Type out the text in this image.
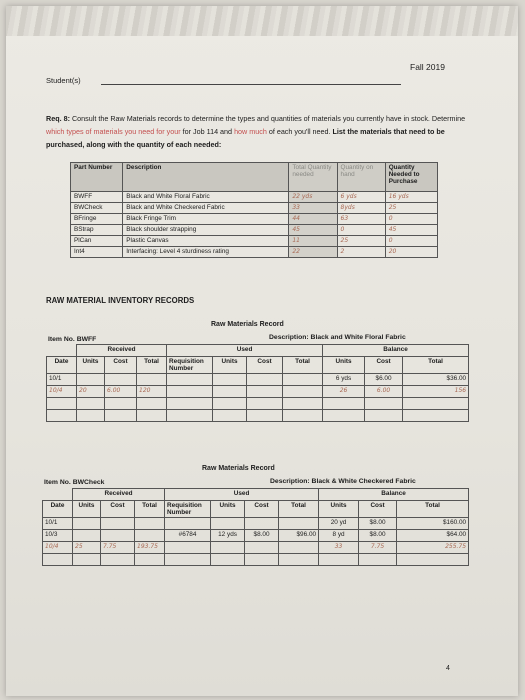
Fall 2019
Student(s)
Req. 8: Consult the Raw Materials records to determine the types and quantities of materials you currently have in stock. Determine which types of materials you need for your for Job 114 and how much of each you'll need. List the materials that need to be purchased, along with the quantity of each needed:
Part Number	Description	Total Quantity needed	Quantity on hand	Quantity Needed to Purchase
BWFF	Black and White Floral Fabric	22 yds	6 yds	16 yds
BWCheck	Black and White Checkered Fabric	33	8yds	25
BFringe	Black Fringe Trim	44	63	0
BStrap	Black shoulder strapping	45	0	45
PlCan	Plastic Canvas	11	25	0
Int4	Interfacing: Level 4 sturdiness rating	22	2	20
RAW MATERIAL INVENTORY RECORDS
Raw Materials Record
Item No. BWFF	Description: Black and White Floral Fabric
	Received			Used				Balance		
Date	Units	Cost	Total	Requisition Number	Units	Cost	Total	Units	Cost	Total
10/1								6 yds	$6.00	$36.00
10/4	20	6.00	120					26	6.00	156

Raw Materials Record
Item No. BWCheck	Description: Black & White Checkered Fabric
	Received			Used				Balance		
Date	Units	Cost	Total	Requisition Number	Units	Cost	Total	Units	Cost	Total
10/1								20 yd	$8.00	$160.00
10/3				#6784	12 yds	$8.00	$96.00	8 yd	$8.00	$64.00
10/4	25	7.75	193.75					33	7.75	255.75

4
